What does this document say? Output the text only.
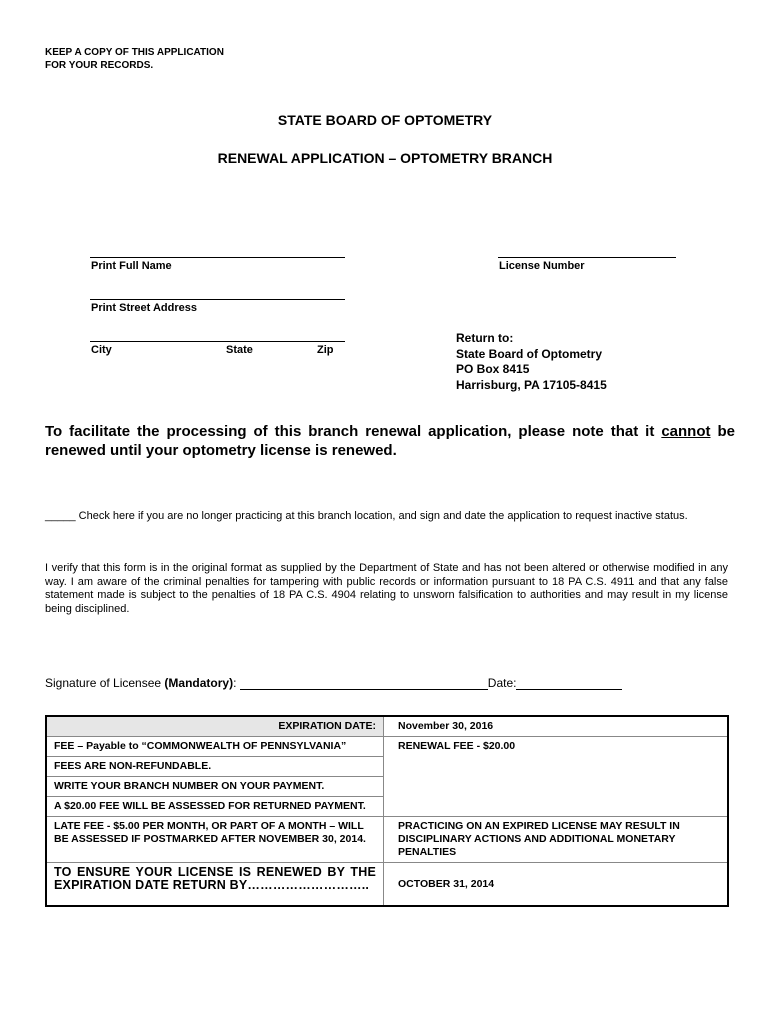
KEEP A COPY OF THIS APPLICATION
FOR YOUR RECORDS.
STATE BOARD OF OPTOMETRY
RENEWAL APPLICATION – OPTOMETRY BRANCH
Print Full Name	License Number
Print Street Address
City	State	Zip
Return to:
State Board of Optometry
PO Box 8415
Harrisburg, PA 17105-8415
To facilitate the processing of this branch renewal application, please note that it cannot be renewed until your optometry license is renewed.
_____ Check here if you are no longer practicing at this branch location, and sign and date the application to request inactive status.
I verify that this form is in the original format as supplied by the Department of State and has not been altered or otherwise modified in any way. I am aware of the criminal penalties for tampering with public records or information pursuant to 18 PA C.S. 4911 and that any false statement made is subject to the penalties of 18 PA C.S. 4904 relating to unsworn falsification to authorities and may result in my license being disciplined.
Signature of Licensee (Mandatory):	Date:
EXPIRATION DATE:	November 30, 2016
FEE – Payable to “COMMONWEALTH OF PENNSYLVANIA”	RENEWAL FEE - $20.00
FEES ARE NON-REFUNDABLE.	
WRITE YOUR BRANCH NUMBER ON YOUR PAYMENT.	
A $20.00 FEE WILL BE ASSESSED FOR RETURNED PAYMENT.	
LATE FEE - $5.00 PER MONTH, OR PART OF A MONTH – WILL BE ASSESSED IF POSTMARKED AFTER NOVEMBER 30, 2014.	PRACTICING ON AN EXPIRED LICENSE MAY RESULT IN DISCIPLINARY ACTIONS AND ADDITIONAL MONETARY PENALTIES
TO ENSURE YOUR LICENSE IS RENEWED BY THE EXPIRATION DATE RETURN BY………………………..	OCTOBER 31, 2014
